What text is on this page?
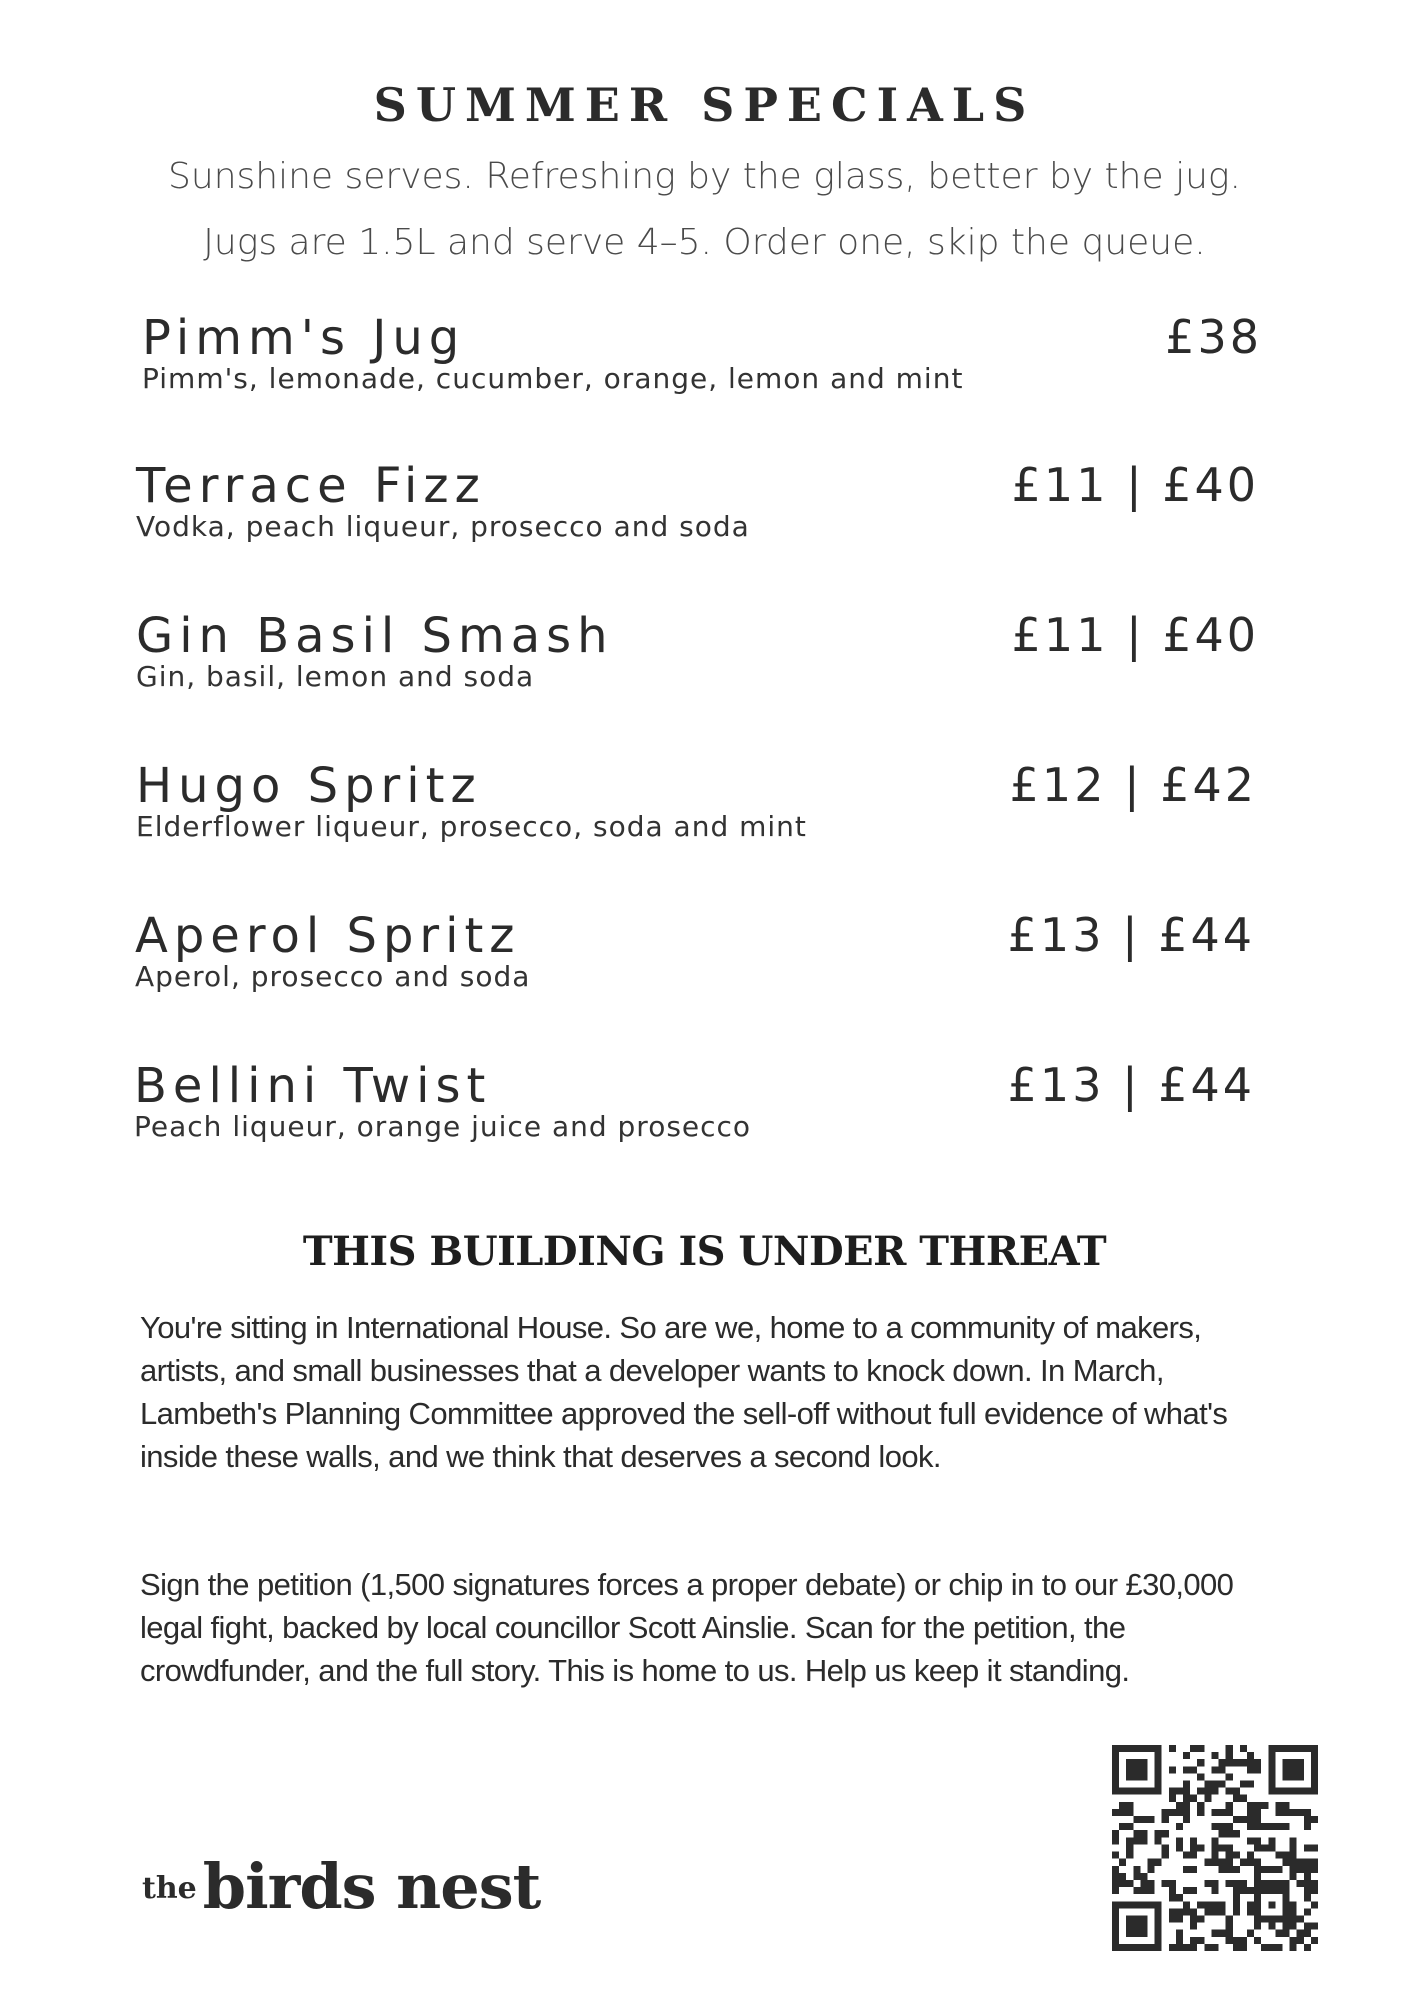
SUMMER SPECIALS
Sunshine serves. Refreshing by the glass, better by the jug.
Jugs are 1.5L and serve 4–5. Order one, skip the queue.
Pimm's Jug	£38
Pimm's, lemonade, cucumber, orange, lemon and mint
Terrace Fizz	£11 | £40
Vodka, peach liqueur, prosecco and soda
Gin Basil Smash	£11 | £40
Gin, basil, lemon and soda
Hugo Spritz	£12 | £42
Elderflower liqueur, prosecco, soda and mint
Aperol Spritz	£13 | £44
Aperol, prosecco and soda
Bellini Twist	£13 | £44
Peach liqueur, orange juice and prosecco
THIS BUILDING IS UNDER THREAT
You're sitting in International House. So are we, home to a community of makers, artists, and small businesses that a developer wants to knock down. In March, Lambeth's Planning Committee approved the sell-off without full evidence of what's inside these walls, and we think that deserves a second look.
Sign the petition (1,500 signatures forces a proper debate) or chip in to our £30,000 legal fight, backed by local councillor Scott Ainslie. Scan for the petition, the crowdfunder, and the full story. This is home to us. Help us keep it standing.
thebirds nest
